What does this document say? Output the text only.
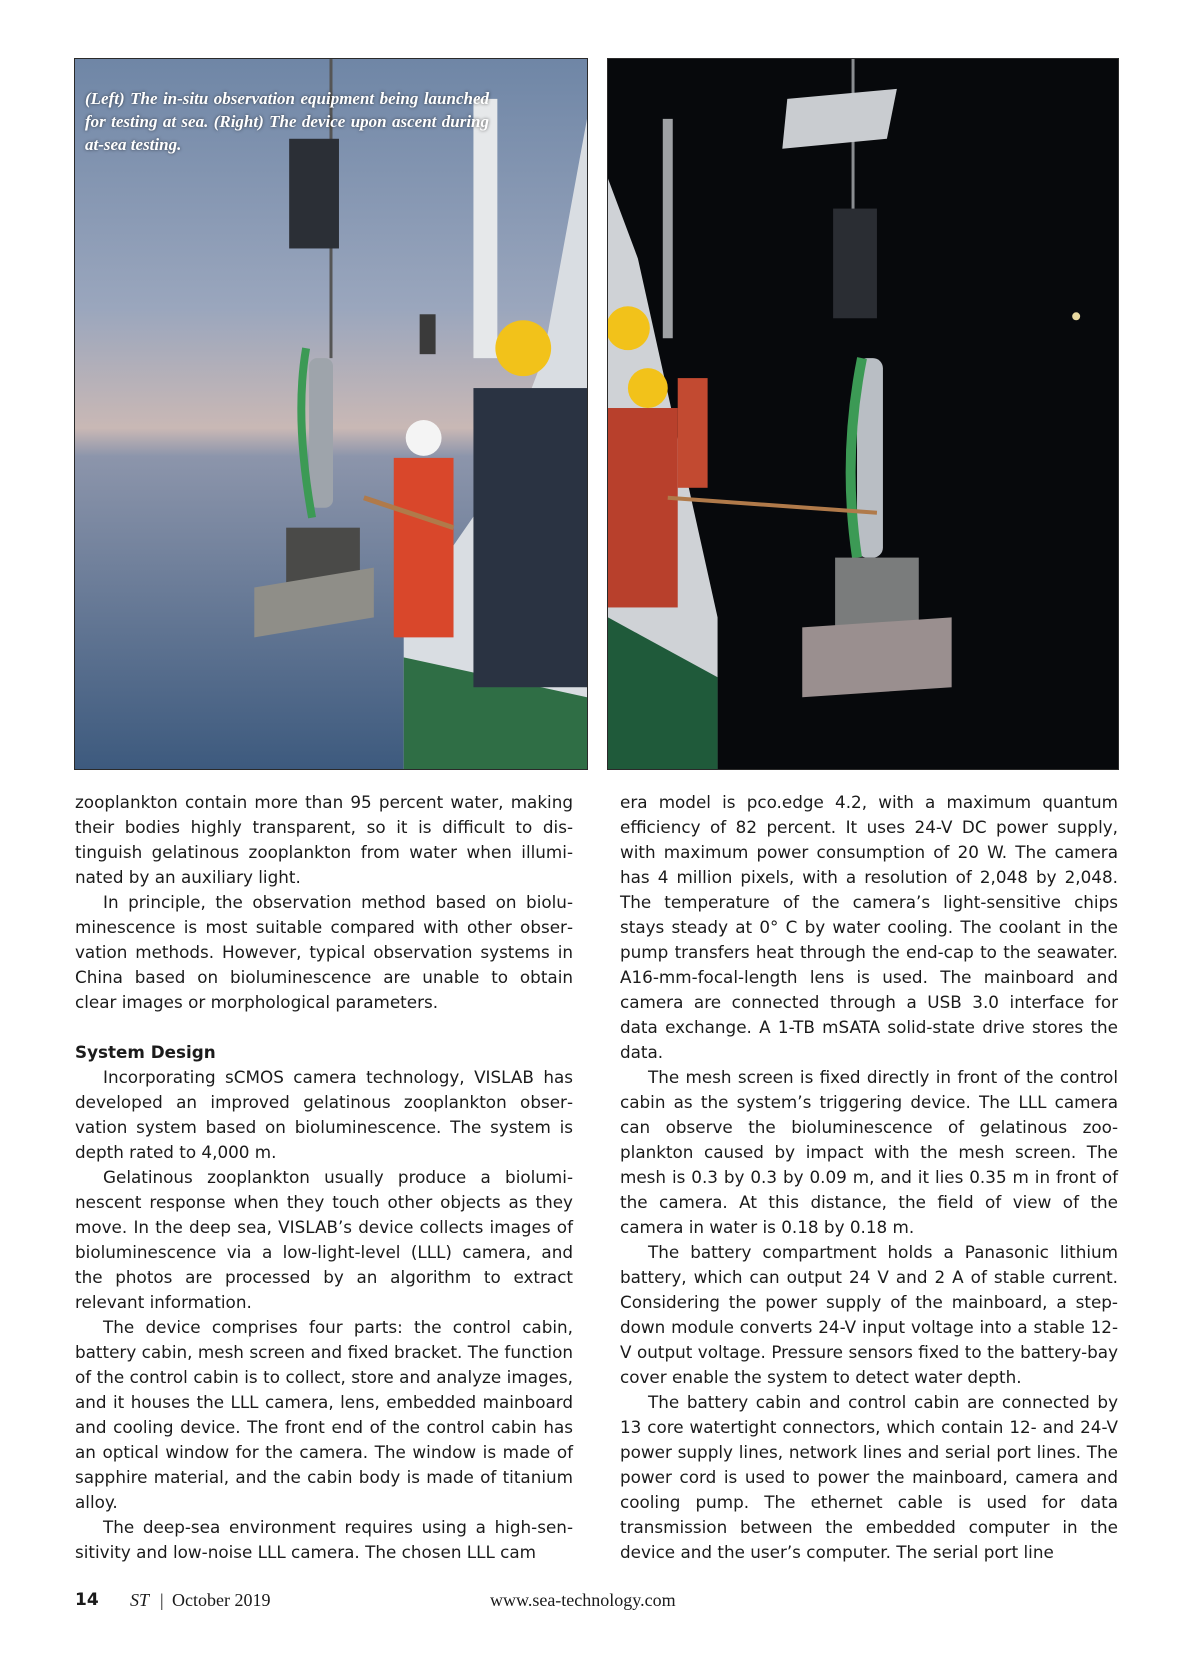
(Left) The in-situ observation equipment being launched for testing at sea. (Right) The device upon ascent during at-sea testing.

zooplankton contain more than 95 percent water, making their bodies highly transparent, so it is difficult to distinguish gelatinous zooplankton from water when illuminated by an auxiliary light.

In principle, the observation method based on bioluminescence is most suitable compared with other observation methods. However, typical observation systems in China based on bioluminescence are unable to obtain clear images or morphological parameters.

System Design

Incorporating sCMOS camera technology, VISLAB has developed an improved gelatinous zooplankton observation system based on bioluminescence. The system is depth rated to 4,000 m.

Gelatinous zooplankton usually produce a bioluminescent response when they touch other objects as they move. In the deep sea, VISLAB’s device collects images of bioluminescence via a low-light-level (LLL) camera, and the photos are processed by an algorithm to extract relevant information.

The device comprises four parts: the control cabin, battery cabin, mesh screen and fixed bracket. The function of the control cabin is to collect, store and analyze images, and it houses the LLL camera, lens, embedded mainboard and cooling device. The front end of the control cabin has an optical window for the camera. The window is made of sapphire material, and the cabin body is made of titanium alloy.

The deep-sea environment requires using a high-sensitivity and low-noise LLL camera. The chosen LLL cam

era model is pco.edge 4.2, with a maximum quantum efficiency of 82 percent. It uses 24-V DC power supply, with maximum power consumption of 20 W. The camera has 4 million pixels, with a resolution of 2,048 by 2,048. The temperature of the camera’s light-sensitive chips stays steady at 0° C by water cooling. The coolant in the pump transfers heat through the end-cap to the seawater. A16-mm-focal-length lens is used. The mainboard and camera are connected through a USB 3.0 interface for data exchange. A 1-TB mSATA solid-state drive stores the data.

The mesh screen is fixed directly in front of the control cabin as the system’s triggering device. The LLL camera can observe the bioluminescence of gelatinous zooplankton caused by impact with the mesh screen. The mesh is 0.3 by 0.3 by 0.09 m, and it lies 0.35 m in front of the camera. At this distance, the field of view of the camera in water is 0.18 by 0.18 m.

The battery compartment holds a Panasonic lithium battery, which can output 24 V and 2 A of stable current. Considering the power supply of the mainboard, a step-down module converts 24-V input voltage into a stable 12-V output voltage. Pressure sensors fixed to the battery-bay cover enable the system to detect water depth.

The battery cabin and control cabin are connected by 13 core watertight connectors, which contain 12- and 24-V power supply lines, network lines and serial port lines. The power cord is used to power the mainboard, camera and cooling pump. The ethernet cable is used for data transmission between the embedded computer in the device and the user’s computer. The serial port line

14 ST | October 2019	www.sea-technology.com
